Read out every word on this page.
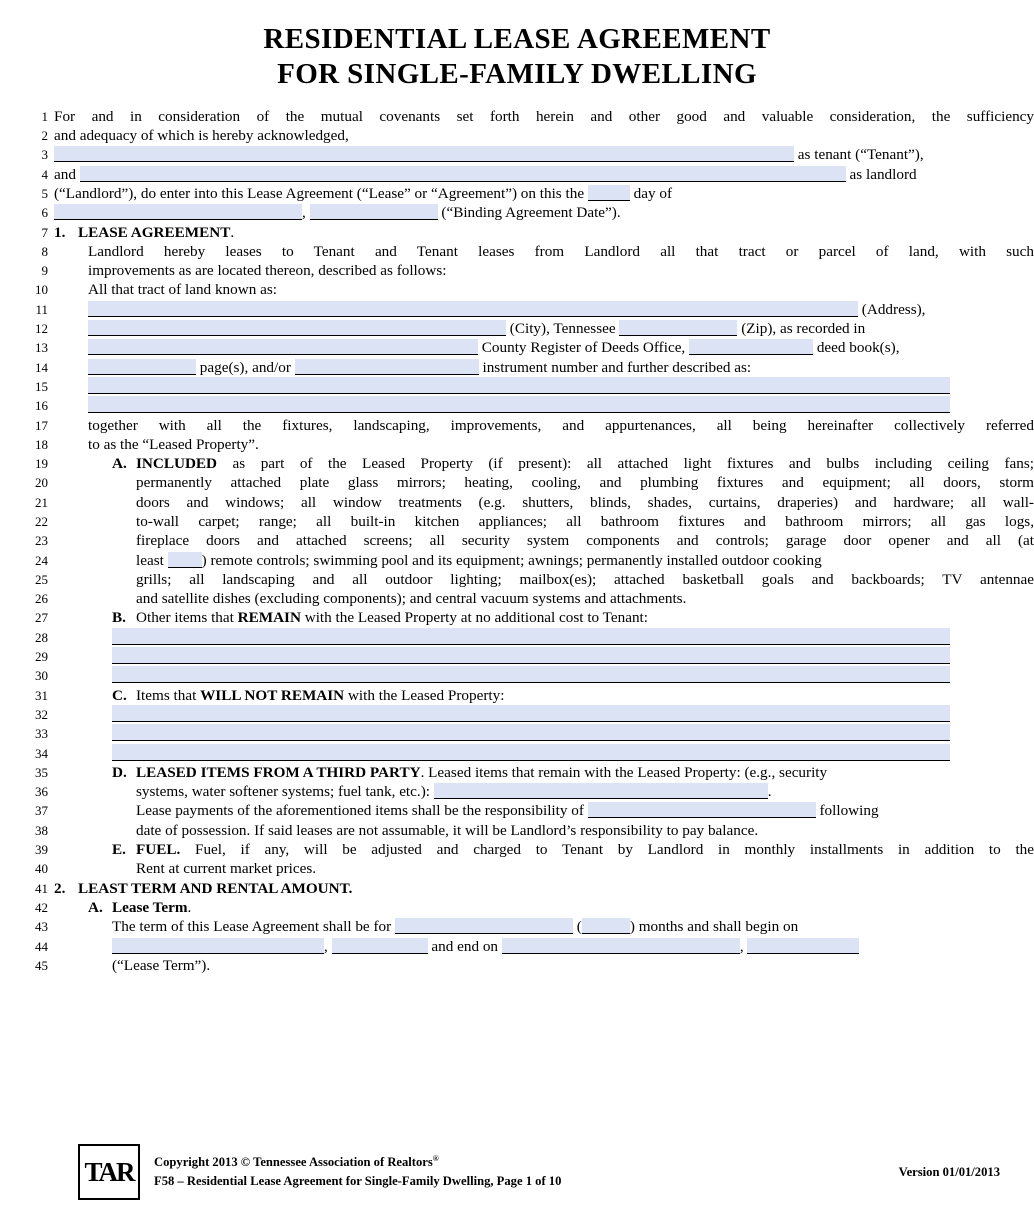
RESIDENTIAL LEASE AGREEMENT
FOR SINGLE-FAMILY DWELLING
1 For and in consideration of the mutual covenants set forth herein and other good and valuable consideration, the sufficiency
2 and adequacy of which is hereby acknowledged,
3	as tenant (“Tenant”),
4 and	as landlord
5 (“Landlord”), do enter into this Lease Agreement (“Lease” or “Agreement”) on this the	day of
6	,	(“Binding Agreement Date”).
7 1. LEASE AGREEMENT.
8	Landlord hereby leases to Tenant and Tenant leases from Landlord all that tract or parcel of land, with such
9	improvements as are located thereon, described as follows:
10	All that tract of land known as:
11	(Address),
12	(City), Tennessee	(Zip), as recorded in
13	County Register of Deeds Office,	deed book(s),
14	page(s), and/or	instrument number and further described as:
15
16
17	together with all the fixtures, landscaping, improvements, and appurtenances, all being hereinafter collectively referred
18	to as the “Leased Property”.
19	A. INCLUDED as part of the Leased Property (if present): all attached light fixtures and bulbs including ceiling fans;
20	permanently attached plate glass mirrors; heating, cooling, and plumbing fixtures and equipment; all doors, storm
21	doors and windows; all window treatments (e.g. shutters, blinds, shades, curtains, draperies) and hardware; all wall-
22	to-wall carpet; range; all built-in kitchen appliances; all bathroom fixtures and bathroom mirrors; all gas logs,
23	fireplace doors and attached screens; all security system components and controls; garage door opener and all (at
24	least ) remote controls; swimming pool and its equipment; awnings; permanently installed outdoor cooking
25	grills; all landscaping and all outdoor lighting; mailbox(es); attached basketball goals and backboards; TV antennae
26	and satellite dishes (excluding components); and central vacuum systems and attachments.
27	B. Other items that REMAIN with the Leased Property at no additional cost to Tenant:
28
29
30
31	C. Items that WILL NOT REMAIN with the Leased Property:
32
33
34
35	D. LEASED ITEMS FROM A THIRD PARTY. Leased items that remain with the Leased Property: (e.g., security
36	systems, water softener systems; fuel tank, etc.):	.
37	Lease payments of the aforementioned items shall be the responsibility of	following
38	date of possession. If said leases are not assumable, it will be Landlord’s responsibility to pay balance.
39	E. FUEL. Fuel, if any, will be adjusted and charged to Tenant by Landlord in monthly installments in addition to the
40	Rent at current market prices.
41 2. LEAST TERM AND RENTAL AMOUNT.
42	A. Lease Term.
43	The term of this Lease Agreement shall be for	(	) months and shall begin on
44	,	and end on	,
45	(“Lease Term”).
TAR	Copyright 2013 © Tennessee Association of Realtors®
F58 – Residential Lease Agreement for Single-Family Dwelling, Page 1 of 10
Version 01/01/2013
